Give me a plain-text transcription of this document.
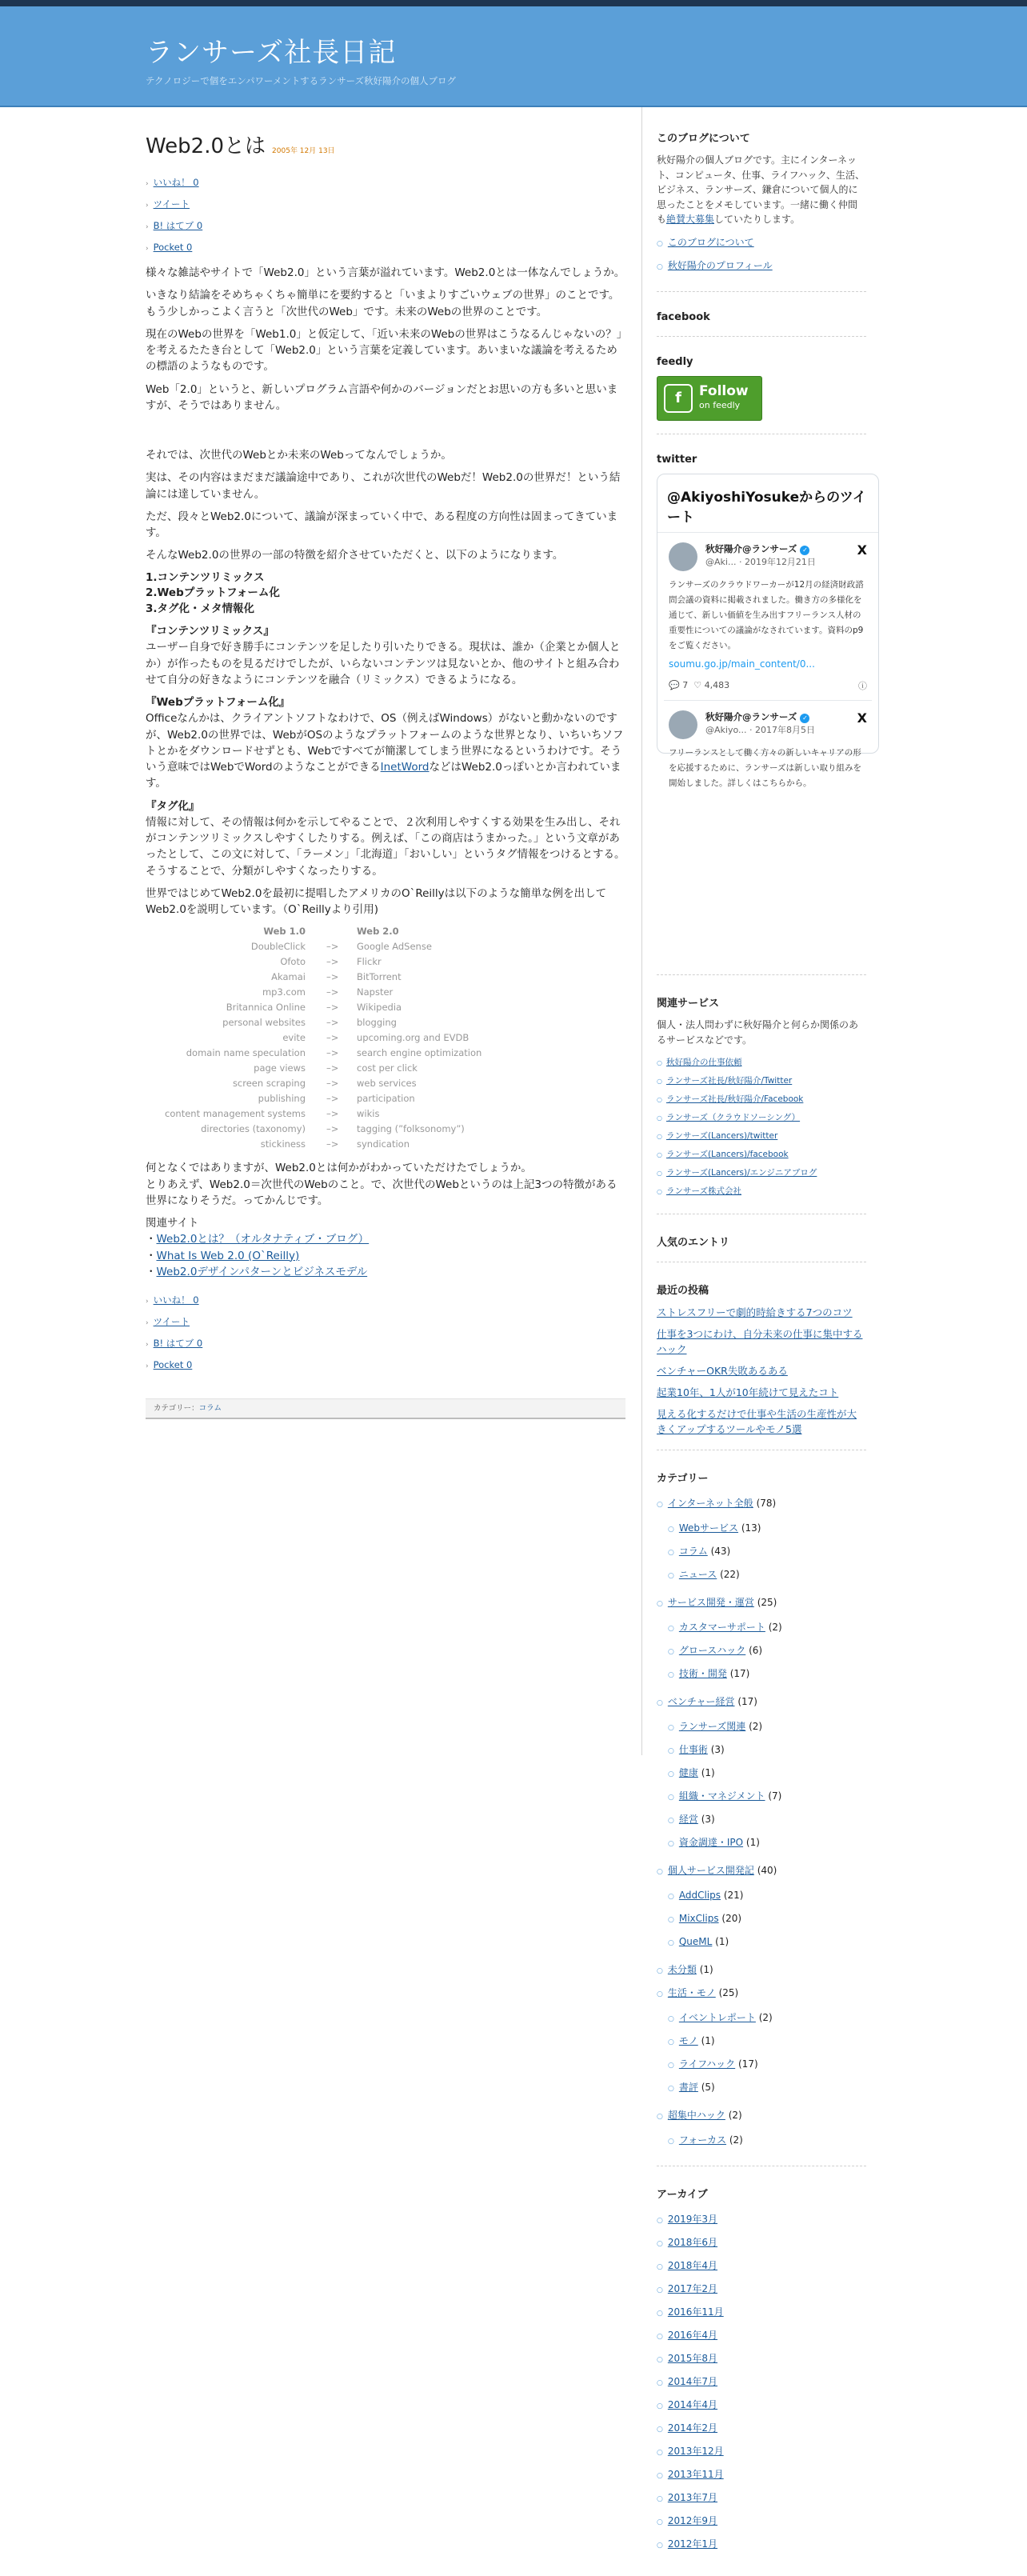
ランサーズ社長日記
テクノロジーで個をエンパワーメントするランサーズ秋好陽介の個人ブログ
Web2.0とは 2005年 12月 13日
› いいね！ 0
› ツイート
› B! はてブ 0
› Pocket 0

様々な雑誌やサイトで「Web2.0」という言葉が溢れています。Web2.0とは一体なんでしょうか。

いきなり結論をそめちゃくちゃ簡単にを要約すると「いまよりすごいウェブの世界」のことです。もう少しかっこよく言うと「次世代のWeb」です。未来のWebの世界のことです。

現在のWebの世界を「Web1.0」と仮定して、「近い未来のWebの世界はこうなるんじゃないの？」を考えるたたき台として「Web2.0」という言葉を定義しています。あいまいな議論を考えるための標語のようなものです。

Web「2.0」というと、新しいプログラム言語や何かのバージョンだとお思いの方も多いと思いますが、そうではありません。

それでは、次世代のWebとか未来のWebってなんでしょうか。

実は、その内容はまだまだ議論途中であり、これが次世代のWebだ！Web2.0の世界だ！という結論には達していません。

ただ、段々とWeb2.0について、議論が深まっていく中で、ある程度の方向性は固まってきています。

そんなWeb2.0の世界の一部の特徴を紹介させていただくと、以下のようになります。

1.コンテンツリミックス
2.Webプラットフォーム化
3.タグ化・メタ情報化

『コンテンツリミックス』
ユーザー自身で好き勝手にコンテンツを足したり引いたりできる。現状は、誰か（企業とか個人とか）が作ったものを見るだけでしたが、いらないコンテンツは見ないとか、他のサイトと組み合わせて自分の好きなようにコンテンツを融合（リミックス）できるようになる。

『Webプラットフォーム化』
Officeなんかは、クライアントソフトなわけで、OS（例えばWindows）がないと動かないのですが、Web2.0の世界では、WebがOSのようなプラットフォームのような世界となり、いちいちソフトとかをダウンロードせずとも、Webですべてが簡潔してしまう世界になるというわけです。そういう意味ではWebでWordのようなことができるInetWordなどはWeb2.0っぽいとか言われています。

『タグ化』
情報に対して、その情報は何かを示してやることで、２次利用しやすくする効果を生み出し、それがコンテンツリミックスしやすくしたりする。例えば、「この商店はうまかった。」という文章があったとして、この文に対して、「ラーメン」「北海道」「おいしい」というタグ情報をつけるとする。そうすることで、分類がしやすくなったりする。

世界ではじめてWeb2.0を最初に提唱したアメリカのO`Reillyは以下のような簡単な例を出してWeb2.0を説明しています。（O`Reillyより引用)

Web 1.0	Web 2.0
DoubleClick	–>	Google AdSense
Ofoto	–>	Flickr
Akamai	–>	BitTorrent
mp3.com	–>	Napster
Britannica Online	–>	Wikipedia
personal websites	–>	blogging
evite	–>	upcoming.org and EVDB
domain name speculation	–>	search engine optimization
page views	–>	cost per click
screen scraping	–>	web services
publishing	–>	participation
content management systems	–>	wikis
directories (taxonomy)	–>	tagging (”folksonomy”)
stickiness	–>	syndication

何となくではありますが、Web2.0とは何かがわかっていただけたでしょうか。
とりあえず、Web2.0＝次世代のWebのこと。で、次世代のWebというのは上記3つの特徴がある世界になりそうだ。ってかんじです。

関連サイト

・Web2.0とは？（オルタナティブ・ブログ）
・What Is Web 2.0 (O`Reilly)
・Web2.0デザインパターンとビジネスモデル
› いいね！ 0
› ツイート
› B! はてブ 0
› Pocket 0
カテゴリー：コラム
このブログについて

秋好陽介の個人ブログです。主にインターネット、コンピュータ、仕事、ライフハック、生活、ビジネス、ランサーズ、鎌倉について個人的に思ったことをメモしています。一緒に働く仲間も絶賛大募集していたりします。

○ このブログについて
○ 秋好陽介のプロフィール
facebook
feedly
f	Follow
on feedly
twitter
@AkiyoshiYosukeからのツイート
秋好陽介@ランサーズ ✓
@Aki... · 2019年12月21日
X
ランサーズのクラウドワーカーが12月の経済財政諮問会議の資料に掲載されました。働き方の多様化を通じて、新しい価値を生み出すフリーランス人材の重要性についての議論がなされています。資料のp9をご覧ください。
soumu.go.jp/main_content/0...
💬
7
♡
4,483	ⓘ
秋好陽介@ランサーズ ✓
@Akiyo... · 2017年8月5日
X
フリーランスとして働く方々の新しいキャリアの形を応援するために、ランサーズは新しい取り組みを開始しました。詳しくはこちらから。
関連サービス

個人・法人問わずに秋好陽介と何らか関係のあるサービスなどです。

○ 秋好陽介の仕事依頼
○ ランサーズ社長/秋好陽介/Twitter
○ ランサーズ社長/秋好陽介/Facebook
○ ランサーズ（クラウドソーシング）
○ ランサーズ(Lancers)/twitter
○ ランサーズ(Lancers)/facebook
○ ランサーズ(Lancers)/エンジニアブログ
○ ランサーズ株式会社
人気のエントリ
最近の投稿
ストレスフリーで劇的時給きする7つのコツ
仕事を3つにわけ、自分未来の仕事に集中するハック
ベンチャーOKR失敗あるある
起業10年、1人が10年続けて見えたコト
見える化するだけで仕事や生活の生産性が大きくアップするツールやモノ5選
カテゴリー
○ インターネット全般 (78)
○ Webサービス (13)
○ コラム (43)
○ ニュース (22)
○ サービス開発・運営 (25)
○ カスタマーサポート (2)
○ グロースハック (6)
○ 技術・開発 (17)
○ ベンチャー経営 (17)
○ ランサーズ関連 (2)
○ 仕事術 (3)
○ 健康 (1)
○ 組織・マネジメント (7)
○ 経営 (3)
○ 資金調達・IPO (1)
○ 個人サービス開発記 (40)
○ AddClips (21)
○ MixClips (20)
○ QueML (1)
○ 未分類 (1)
○ 生活・モノ (25)
○ イベントレポート (2)
○ モノ (1)
○ ライフハック (17)
○ 書評 (5)
○ 超集中ハック (2)
○ フォーカス (2)
アーカイブ
○ 2019年3月
○ 2018年6月
○ 2018年4月
○ 2017年2月
○ 2016年11月
○ 2016年4月
○ 2015年8月
○ 2014年7月
○ 2014年4月
○ 2014年2月
○ 2013年12月
○ 2013年11月
○ 2013年7月
○ 2012年9月
○ 2012年1月
